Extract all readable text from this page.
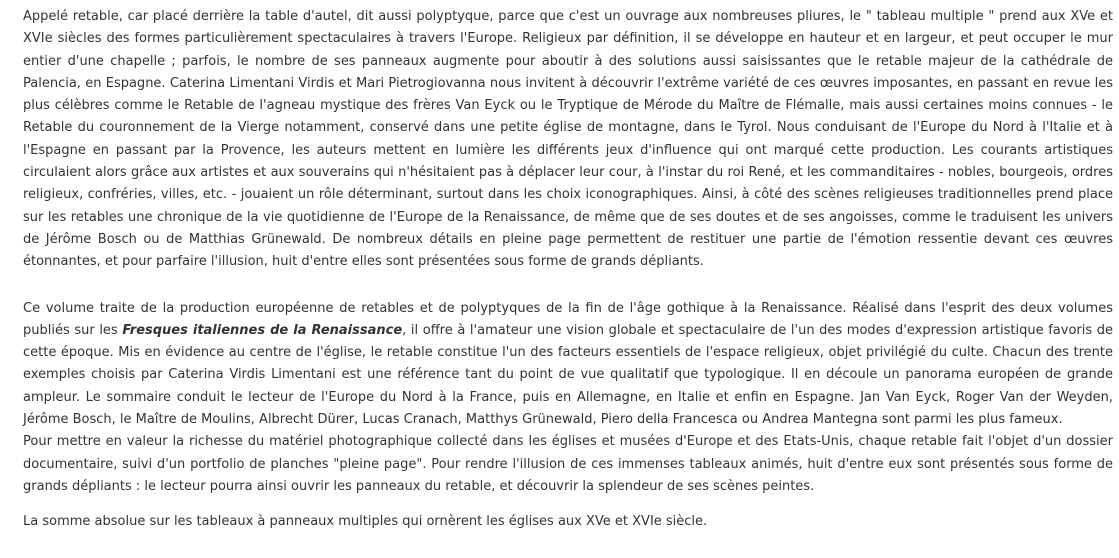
Appelé retable, car placé derrière la table d'autel, dit aussi polyptyque, parce que c'est un ouvrage aux nombreuses pliures, le " tableau multiple " prend aux XVe et XVIe siècles des formes particulièrement spectaculaires à travers l'Europe. Religieux par définition, il se développe en hauteur et en largeur, et peut occuper le mur entier d'une chapelle ; parfois, le nombre de ses panneaux augmente pour aboutir à des solutions aussi saisissantes que le retable majeur de la cathédrale de Palencia, en Espagne. Caterina Limentani Virdis et Mari Pietrogiovanna nous invitent à découvrir l'extrême variété de ces œuvres imposantes, en passant en revue les plus célèbres comme le Retable de l'agneau mystique des frères Van Eyck ou le Tryptique de Mérode du Maître de Flémalle, mais aussi certaines moins connues - le Retable du couronnement de la Vierge notamment, conservé dans une petite église de montagne, dans le Tyrol. Nous conduisant de l'Europe du Nord à l'Italie et à l'Espagne en passant par la Provence, les auteurs mettent en lumière les différents jeux d'influence qui ont marqué cette production. Les courants artistiques circulaient alors grâce aux artistes et aux souverains qui n'hésitaient pas à déplacer leur cour, à l'instar du roi René, et les commanditaires - nobles, bourgeois, ordres religieux, confréries, villes, etc. - jouaient un rôle déterminant, surtout dans les choix iconographiques. Ainsi, à côté des scènes religieuses traditionnelles prend place sur les retables une chronique de la vie quotidienne de l'Europe de la Renaissance, de même que de ses doutes et de ses angoisses, comme le traduisent les univers de Jérôme Bosch ou de Matthias Grünewald. De nombreux détails en pleine page permettent de restituer une partie de l'émotion ressentie devant ces œuvres étonnantes, et pour parfaire l'illusion, huit d'entre elles sont présentées sous forme de grands dépliants.

Ce volume traite de la production européenne de retables et de polyptyques de la fin de l'âge gothique à la Renaissance. Réalisé dans l'esprit des deux volumes publiés sur les Fresques italiennes de la Renaissance, il offre à l'amateur une vision globale et spectaculaire de l'un des modes d'expression artistique favoris de cette époque. Mis en évidence au centre de l'église, le retable constitue l'un des facteurs essentiels de l'espace religieux, objet privilégié du culte. Chacun des trente exemples choisis par Caterina Virdis Limentani est une référence tant du point de vue qualitatif que typologique. Il en découle un panorama européen de grande ampleur. Le sommaire conduit le lecteur de l'Europe du Nord à la France, puis en Allemagne, en Italie et enfin en Espagne. Jan Van Eyck, Roger Van der Weyden, Jérôme Bosch, le Maître de Moulins, Albrecht Dürer, Lucas Cranach, Matthys Grünewald, Piero della Francesca ou Andrea Mantegna sont parmi les plus fameux.

Pour mettre en valeur la richesse du matériel photographique collecté dans les églises et musées d'Europe et des Etats-Unis, chaque retable fait l'objet d'un dossier documentaire, suivi d'un portfolio de planches "pleine page". Pour rendre l'illusion de ces immenses tableaux animés, huit d'entre eux sont présentés sous forme de grands dépliants : le lecteur pourra ainsi ouvrir les panneaux du retable, et découvrir la splendeur de ses scènes peintes.

La somme absolue sur les tableaux à panneaux multiples qui ornèrent les églises aux XVe et XVIe siècle.
